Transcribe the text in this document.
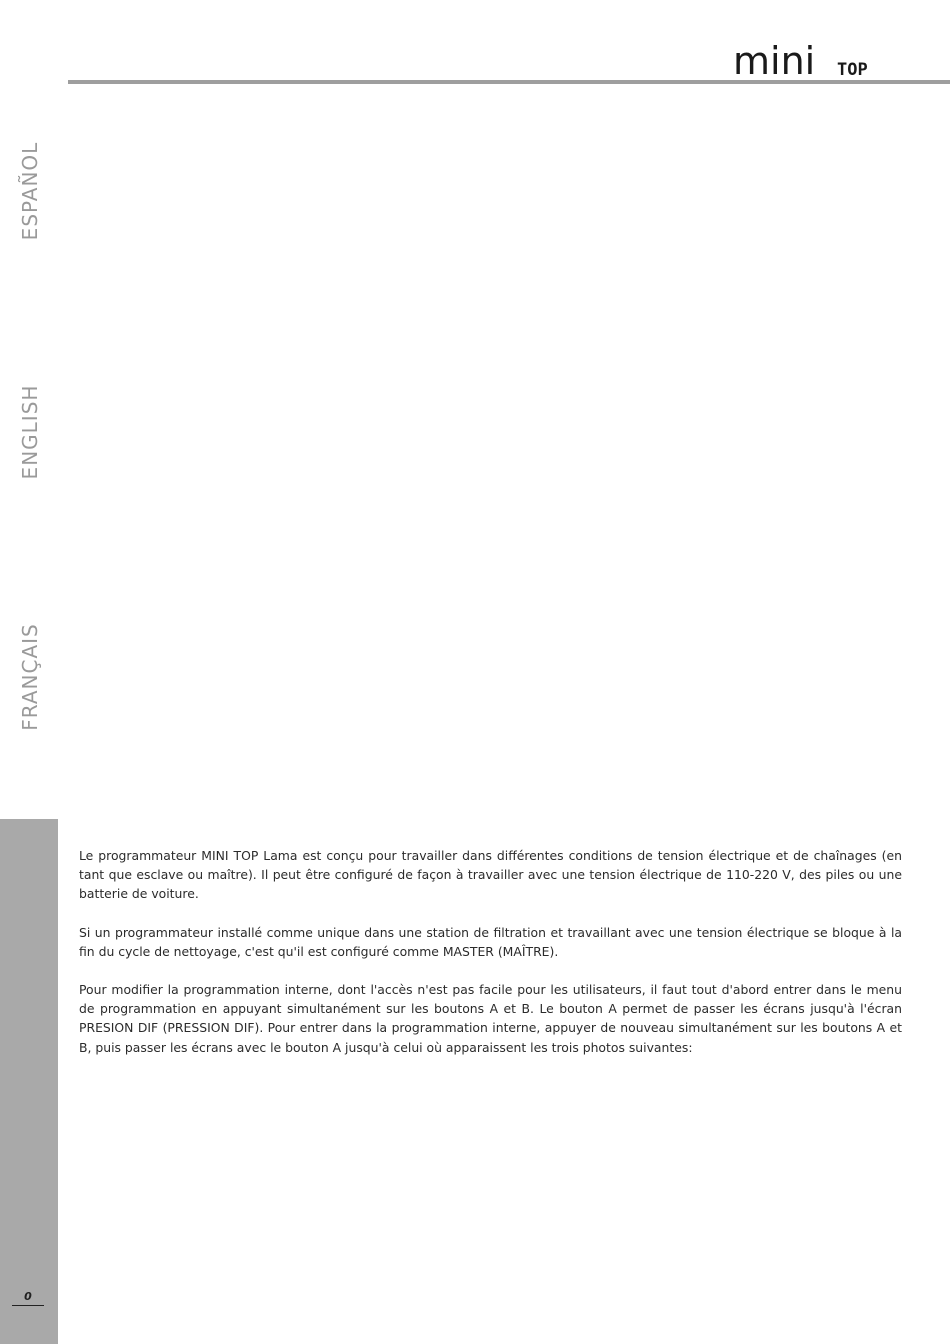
mini TOP
ESPAÑOL
ENGLISH
FRANÇAIS
0

Le programmateur MINI TOP Lama est conçu pour travailler dans différentes conditions de tension électrique et de chaînages (en tant que esclave ou maître). Il peut être configuré de façon à travailler avec une tension électrique de 110-220 V, des piles ou une batterie de voiture.

Si un programmateur installé comme unique dans une station de filtration et travaillant avec une tension électrique se bloque à la fin du cycle de nettoyage, c'est qu'il est configuré comme MASTER (MAÎTRE).

Pour modifier la programmation interne, dont l'accès n'est pas facile pour les utilisateurs, il faut tout d'abord entrer dans le menu de programmation en appuyant simultanément sur les boutons A et B. Le bouton A permet de passer les écrans jusqu'à l'écran PRESION DIF (PRESSION DIF). Pour entrer dans la programmation interne, appuyer de nouveau simultanément sur les boutons A et B, puis passer les écrans avec le bouton A jusqu'à celui où apparaissent les trois photos suivantes:
